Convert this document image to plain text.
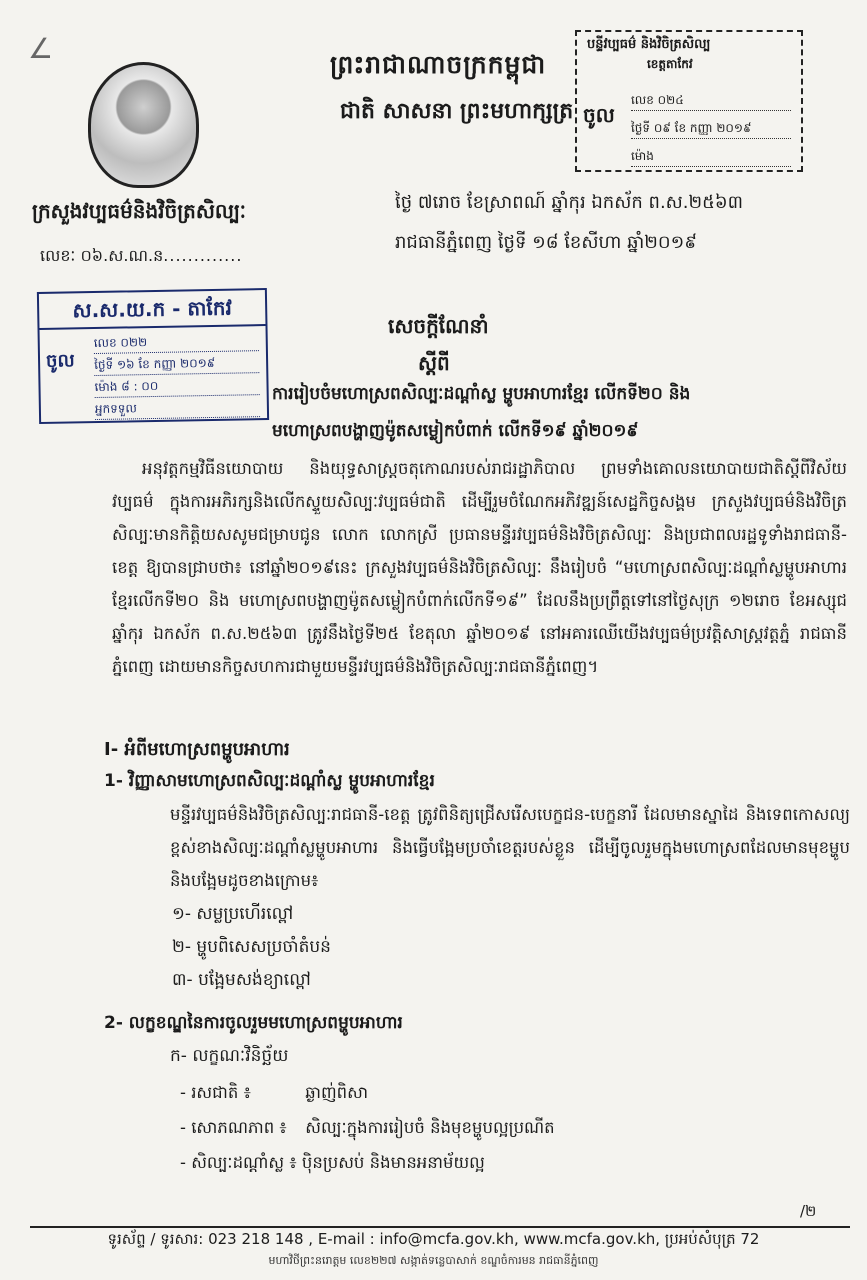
∠	ព្រះរាជាណាចក្រកម្ពុជា
ជាតិ សាសនា ព្រះមហាក្សត្រ
បន្ទីវប្បធម៌ និងវិចិត្រសិល្ប
ខេត្តតាកែវ
ចូល
លេខ ០២៤
ថ្ងៃទី ០៩ ខែ កញ្ញា ២០១៩
ម៉ោង
ក្រសួងវប្បធម៌និងវិចិត្រសិល្បៈ
លេខៈ ០៦.ស.ណ.ន.............
ថ្ងៃ ៧រោច ខែស្រាពណ៍ ឆ្នាំកុរ ឯកស័ក ព.ស.២៥៦៣
រាជធានីភ្នំពេញ ថ្ងៃទី ១៨ ខែសីហា ឆ្នាំ២០១៩
ស.ស.យ.ក - តាកែវ
ចូល
លេខ ០២២
ថ្ងៃទី ១៦ ខែ កញ្ញា ២០១៩
ម៉ោង ៨ : ០០
អ្នកទទួល
សេចក្តីណែនាំ
ស្តីពី
ការរៀបចំមហោស្រពសិល្បៈដណ្តាំស្ល ម្ហូបអាហារខ្មែរ លើកទី២០ និង
មហោស្រពបង្ហាញម៉ូតសម្លៀកបំពាក់ លើកទី១៩ ឆ្នាំ២០១៩

អនុវត្តកម្មវិធីនយោបាយ និងយុទ្ធសាស្ត្រចតុកោណរបស់រាជរដ្ឋាភិបាល ព្រមទាំងគោលនយោបាយជាតិស្តីពីវិស័យវប្បធម៌ ក្នុងការអភិរក្សនិងលើកស្ទួយសិល្បៈវប្បធម៌ជាតិ ដើម្បីរួមចំណែកអភិវឌ្ឍន៍សេដ្ឋកិច្ចសង្គម ក្រសួងវប្បធម៌និងវិចិត្រសិល្បៈមានកិត្តិយសសូមជម្រាបជូន លោក លោកស្រី ប្រធានមន្ទីរវប្បធម៌និងវិចិត្រសិល្បៈ និងប្រជាពលរដ្ឋទូទាំងរាជធានី-ខេត្ត ឱ្យបានជ្រាបថា៖ នៅឆ្នាំ២០១៩នេះ ក្រសួងវប្បធម៌និងវិចិត្រសិល្បៈ នឹងរៀបចំ “មហោស្រពសិល្បៈដណ្តាំស្លម្ហូបអាហារខ្មែរលើកទី២០ និង មហោស្រពបង្ហាញម៉ូតសម្លៀកបំពាក់លើកទី១៩” ដែលនឹងប្រព្រឹត្តទៅនៅថ្ងៃសុក្រ ១២រោច ខែអស្សុជ ឆ្នាំកុរ ឯកស័ក ព.ស.២៥៦៣ ត្រូវនឹងថ្ងៃទី២៥ ខែតុលា ឆ្នាំ២០១៩ នៅអគារឈើយើងវប្បធម៌ប្រវត្តិសាស្ត្រវត្តភ្នំ រាជធានីភ្នំពេញ ដោយមានកិច្ចសហការជាមួយមន្ទីរវប្បធម៌និងវិចិត្រសិល្បៈរាជធានីភ្នំពេញ។

I- អំពីមហោស្រពម្ហូបអាហារ
1- វិញ្ញាសាមហោស្រពសិល្បៈដណ្តាំស្ល ម្ហូបអាហារខ្មែរ

មន្ទីរវប្បធម៌និងវិចិត្រសិល្បៈរាជធានី-ខេត្ត ត្រូវពិនិត្យជ្រើសរើសបេក្ខជន-បេក្ខនារី ដែលមានស្នាដៃ និងទេពកោសល្យខ្ពស់ខាងសិល្បៈដណ្តាំស្លម្ហូបអាហារ និងធ្វើបង្អែមប្រចាំខេត្តរបស់ខ្លួន ដើម្បីចូលរួមក្នុងមហោស្រពដែលមានមុខម្ហូបនិងបង្អែមដូចខាងក្រោម៖

១- សម្លប្រហើរល្ពៅ
២- ម្ហូបពិសេសប្រចាំតំបន់
៣- បង្អែមសង់ខ្យាល្ពៅ
2- លក្ខខណ្ឌនៃការចូលរួមមហោស្រពម្ហូបអាហារ
ក- លក្ខណៈវិនិច្ឆ័យ
- រសជាតិ ៖	ឆ្ងាញ់ពិសា
- សោភណភាព ៖ សិល្បៈក្នុងការរៀបចំ និងមុខម្ហូបល្អប្រណីត
- សិល្បៈដណ្តាំស្ល ៖ ប៉ិនប្រសប់ និងមានអនាម័យល្អ
/២
ទូរស័ព្ទ / ទូរសារ: 023 218 148 , E-mail : info@mcfa.gov.kh, www.mcfa.gov.kh, ប្រអប់សំបុត្រ 72
មហាវិថីព្រះនរោត្តម លេខ២២៧ សង្កាត់ទន្លេបាសាក់ ខណ្ឌចំការមន រាជធានីភ្នំពេញ
